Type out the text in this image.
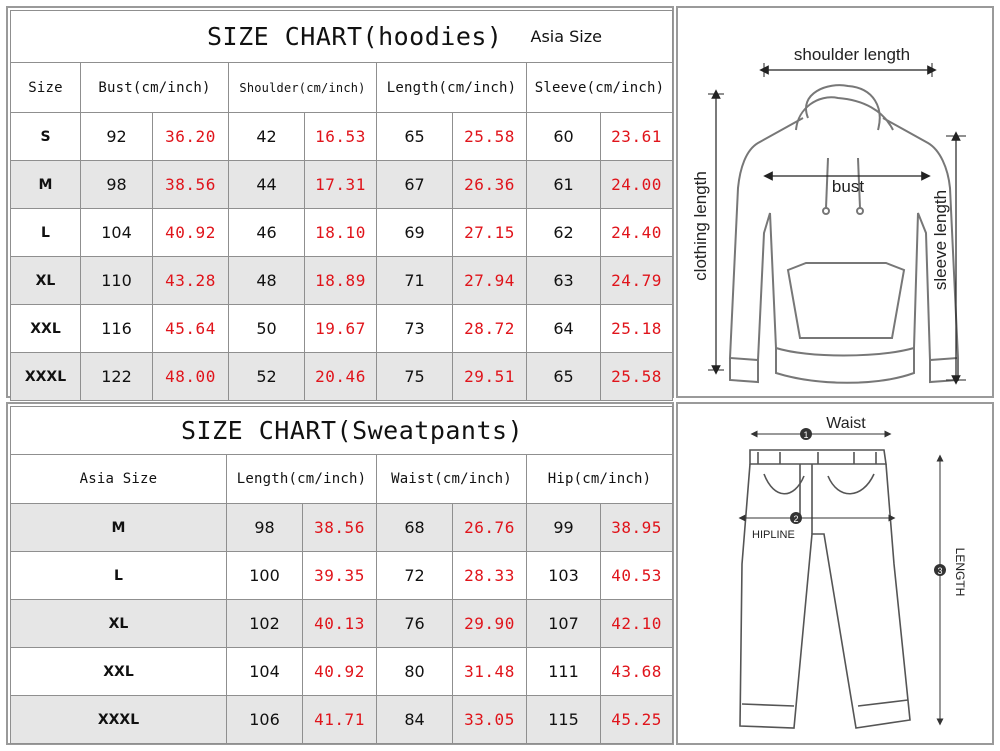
SIZE CHART(hoodies)							Asia Size	
Size	Bust(cm/inch)		Shoulder(cm/inch)		Length(cm/inch)		Sleeve(cm/inch)	
S	92	36.20	42	16.53	65	25.58	60	23.61
M	98	38.56	44	17.31	67	26.36	61	24.00
L	104	40.92	46	18.10	69	27.15	62	24.40
XL	110	43.28	48	18.89	71	27.94	63	24.79
XXL	116	45.64	50	19.67	73	28.72	64	25.18
XXXL	122	48.00	52	20.46	75	29.51	65	25.58
shoulder length
bust
clothing length	sleeve length
SIZE CHART(Sweatpants)						
Asia Size	Length(cm/inch)		Waist(cm/inch)		Hip(cm/inch)	
M	98	38.56	68	26.76	99	38.95
L	100	39.35	72	28.33	103	40.53
XL	102	40.13	76	29.90	107	42.10
XXL	104	40.92	80	31.48	111	43.68
XXXL	106	41.71	84	33.05	115	45.25
Waist
1
2
HIPLINE
3 LENGTH
